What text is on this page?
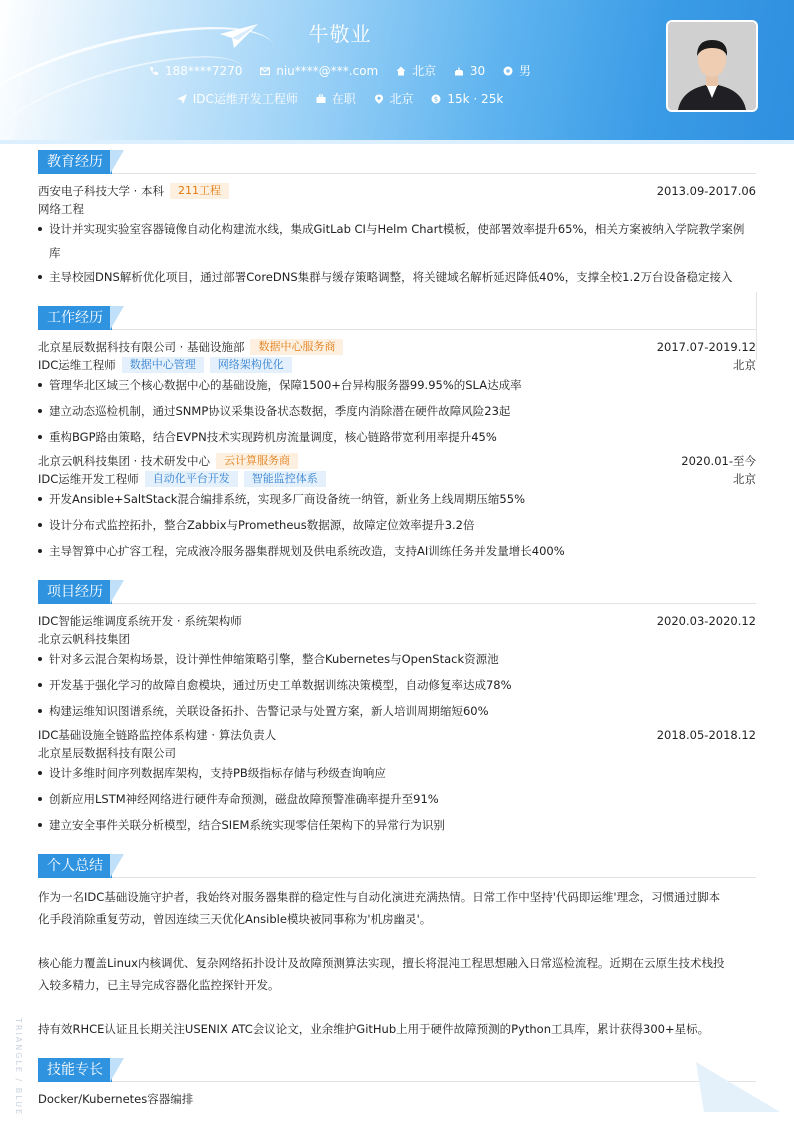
牛敬业
188****7270	niu****@***.com	北京	30	男
IDC运维开发工程师	在职	北京	$ 15k · 25k
教育经历
西安电子科技大学 · 本科 211工程	2013.09-2017.06
网络工程
设计并实现实验室容器镜像自动化构建流水线，集成GitLab CI与Helm Chart模板，使部署效率提升65%，相关方案被纳入学院教学案例
库
主导校园DNS解析优化项目，通过部署CoreDNS集群与缓存策略调整，将关键域名解析延迟降低40%，支撑全校1.2万台设备稳定接入
工作经历
北京星辰数据科技有限公司 · 基础设施部 数据中心服务商	2017.07-2019.12
IDC运维工程师 数据中心管理 网络架构优化	北京
管理华北区域三个核心数据中心的基础设施，保障1500+台异构服务器99.95%的SLA达成率
建立动态巡检机制，通过SNMP协议采集设备状态数据，季度内消除潜在硬件故障风险23起
重构BGP路由策略，结合EVPN技术实现跨机房流量调度，核心链路带宽利用率提升45%
北京云帆科技集团 · 技术研发中心 云计算服务商	2020.01-至今
IDC运维开发工程师 自动化平台开发 智能监控体系	北京
开发Ansible+SaltStack混合编排系统，实现多厂商设备统一纳管，新业务上线周期压缩55%
设计分布式监控拓扑，整合Zabbix与Prometheus数据源，故障定位效率提升3.2倍
主导智算中心扩容工程，完成液冷服务器集群规划及供电系统改造，支持AI训练任务并发量增长400%
项目经历
IDC智能运维调度系统开发 · 系统架构师	2020.03-2020.12
北京云帆科技集团
针对多云混合架构场景，设计弹性伸缩策略引擎，整合Kubernetes与OpenStack资源池
开发基于强化学习的故障自愈模块，通过历史工单数据训练决策模型，自动修复率达成78%
构建运维知识图谱系统，关联设备拓扑、告警记录与处置方案，新人培训周期缩短60%
IDC基础设施全链路监控体系构建 · 算法负责人	2018.05-2018.12
北京星辰数据科技有限公司
设计多维时间序列数据库架构，支持PB级指标存储与秒级查询响应
创新应用LSTM神经网络进行硬件寿命预测，磁盘故障预警准确率提升至91%
建立安全事件关联分析模型，结合SIEM系统实现零信任架构下的异常行为识别
个人总结
作为一名IDC基础设施守护者，我始终对服务器集群的稳定性与自动化演进充满热情。日常工作中坚持'代码即运维'理念，习惯通过脚本
化手段消除重复劳动，曾因连续三天优化Ansible模块被同事称为'机房幽灵'。
核心能力覆盖Linux内核调优、复杂网络拓扑设计及故障预测算法实现，擅长将混沌工程思想融入日常巡检流程。近期在云原生技术栈投
入较多精力，已主导完成容器化监控探针开发。
持有效RHCE认证且长期关注USENIX ATC会议论文，业余维护GitHub上用于硬件故障预测的Python工具库，累计获得300+星标。
技能专长
Docker/Kubernetes容器编排
TRIANGLE / BLUE
